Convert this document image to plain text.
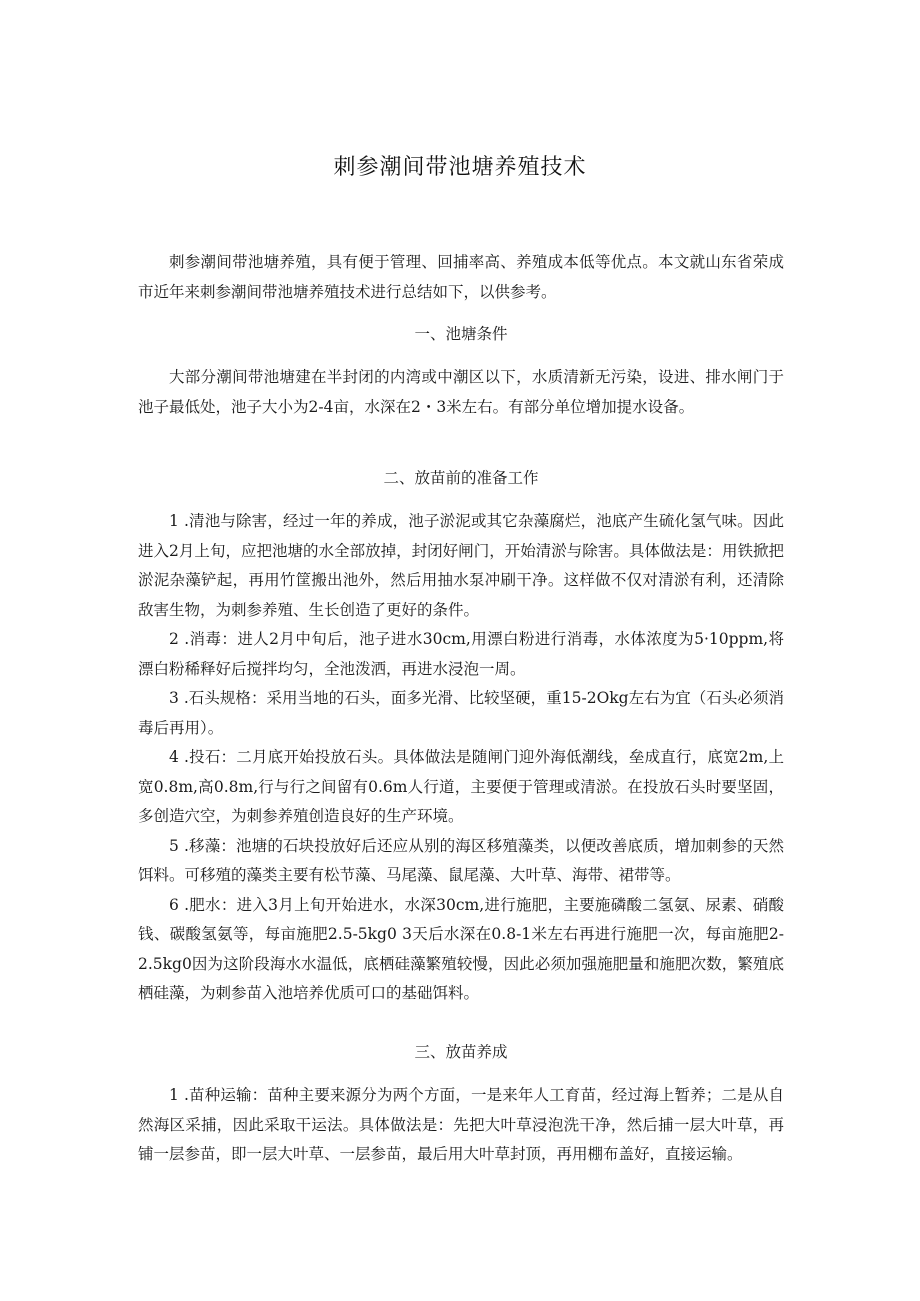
刺参潮间带池塘养殖技术

刺参潮间带池塘养殖，具有便于管理、回捕率高、养殖成本低等优点。本文就山东省荣成市近年来刺参潮间带池塘养殖技术进行总结如下，以供参考。

一、池塘条件

大部分潮间带池塘建在半封闭的内湾或中潮区以下，水质清新无污染，设进、排水闸门于池子最低处，池子大小为2-4亩，水深在2・3米左右。有部分单位增加提水设备。

二、放苗前的准备工作

1 .清池与除害，经过一年的养成，池子淤泥或其它杂藻腐烂，池底产生硫化氢气味。因此进入2月上旬，应把池塘的水全部放掉，封闭好闸门，开始清淤与除害。具体做法是：用铁掀把淤泥杂藻铲起，再用竹筐搬出池外，然后用抽水泵冲刷干净。这样做不仅对清淤有利，还清除敌害生物，为刺参养殖、生长创造了更好的条件。

2 .消毒：进人2月中旬后，池子进水30cm,用漂白粉进行消毒，水体浓度为5·10ppm,将漂白粉稀释好后搅拌均匀，全池泼洒，再进水浸泡一周。

3 .石头规格：采用当地的石头，面多光滑、比较坚硬，重15-2Okg左右为宜（石头必须消毒后再用）。

4 .投石：二月底开始投放石头。具体做法是随闸门迎外海低潮线，垒成直行，底宽2m,上宽0.8m,高0.8m,行与行之间留有0.6m人行道，主要便于管理或清淤。在投放石头时要坚固，多创造穴空，为刺参养殖创造良好的生产环境。

5 .移藻：池塘的石块投放好后还应从别的海区移殖藻类，以便改善底质，增加刺参的天然饵料。可移殖的藻类主要有松节藻、马尾藻、鼠尾藻、大叶草、海带、裙带等。

6 .肥水：进入3月上旬开始进水，水深30cm,进行施肥，主要施磷酸二氢氨、尿素、硝酸钱、碳酸氢氨等，每亩施肥2.5-5kg0 3天后水深在0.8-1米左右再进行施肥一次，每亩施肥2-2.5kg0因为这阶段海水水温低，底栖硅藻繁殖较慢，因此必须加强施肥量和施肥次数，繁殖底栖硅藻，为刺参苗入池培养优质可口的基础饵料。

三、放苗养成

1 .苗种运输：苗种主要来源分为两个方面，一是来年人工育苗，经过海上暂养；二是从自然海区采捕，因此采取干运法。具体做法是：先把大叶草浸泡洗干净，然后捕一层大叶草，再铺一层参苗，即一层大叶草、一层参苗，最后用大叶草封顶，再用棚布盖好，直接运输。
